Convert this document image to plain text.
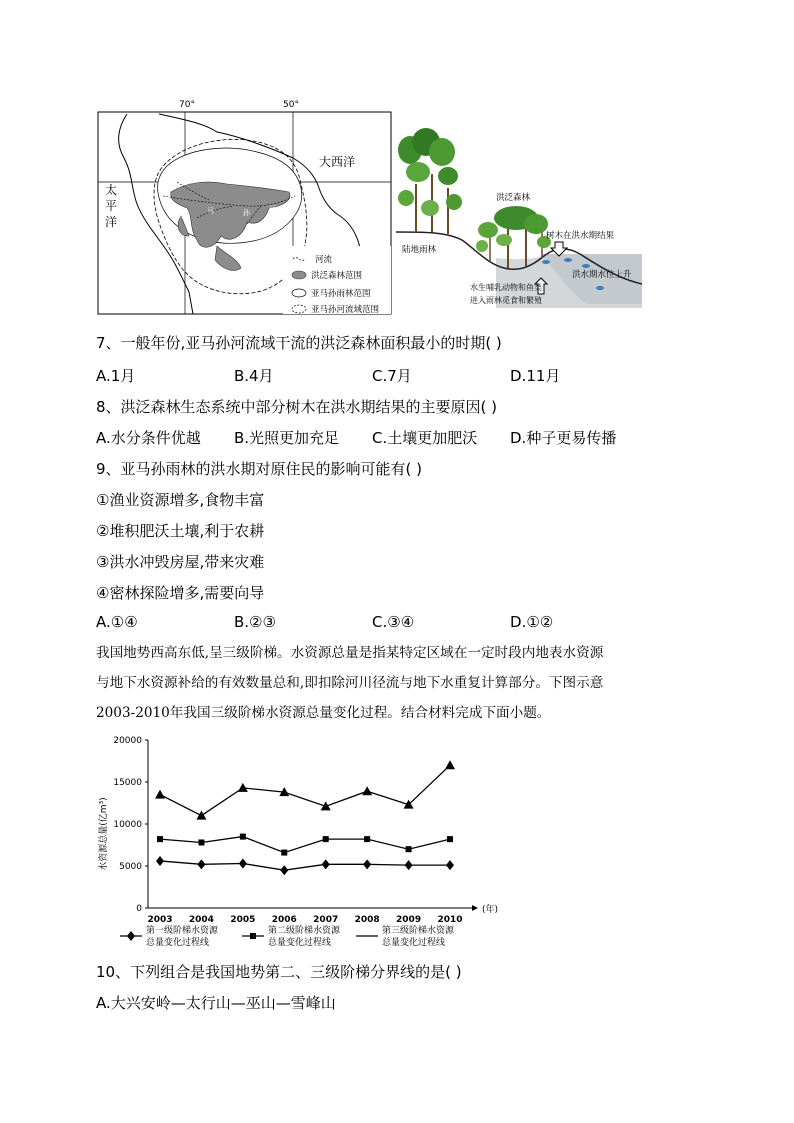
70°	50°
亚	马	孙	河
大西洋
太
平
洋
河流
洪泛森林范围
亚马孙雨林范围
亚马孙河流域范围
陆地雨林
洪泛森林
树木在洪水期结果
洪水期水位上升
水生哺乳动物和鱼类
进入雨林觅食和繁殖
7、一般年份,亚马孙河流域干流的洪泛森林面积最小的时期( )
A.1月	B.4月	C.7月	D.11月
8、洪泛森林生态系统中部分树木在洪水期结果的主要原因( )
A.水分条件优越 B.光照更加充足 C.土壤更加肥沃 D.种子更易传播
9、亚马孙雨林的洪水期对原住民的影响可能有( )
①渔业资源增多,食物丰富
②堆积肥沃土壤,利于农耕
③洪水冲毁房屋,带来灾难
④密林探险增多,需要向导
A.①④	B.②③	C.③④	D.①②
我国地势西高东低,呈三级阶梯。水资源总量是指某特定区域在一定时段内地表水资源
与地下水资源补给的有效数量总和,即扣除河川径流与地下水重复计算部分。下图示意
2003-2010年我国三级阶梯水资源总量变化过程。结合材料完成下面小题。
0
5000
10000
15000
20000
2003 2004 2005 2006 2007 2008 2009 2010
(年)
水资源总量(亿m³)
第一级阶梯水资源
总量变化过程线
第二级阶梯水资源
总量变化过程线
第三级阶梯水资源
总量变化过程线
10、下列组合是我国地势第二、三级阶梯分界线的是( )
A.大兴安岭—太行山—巫山—雪峰山
